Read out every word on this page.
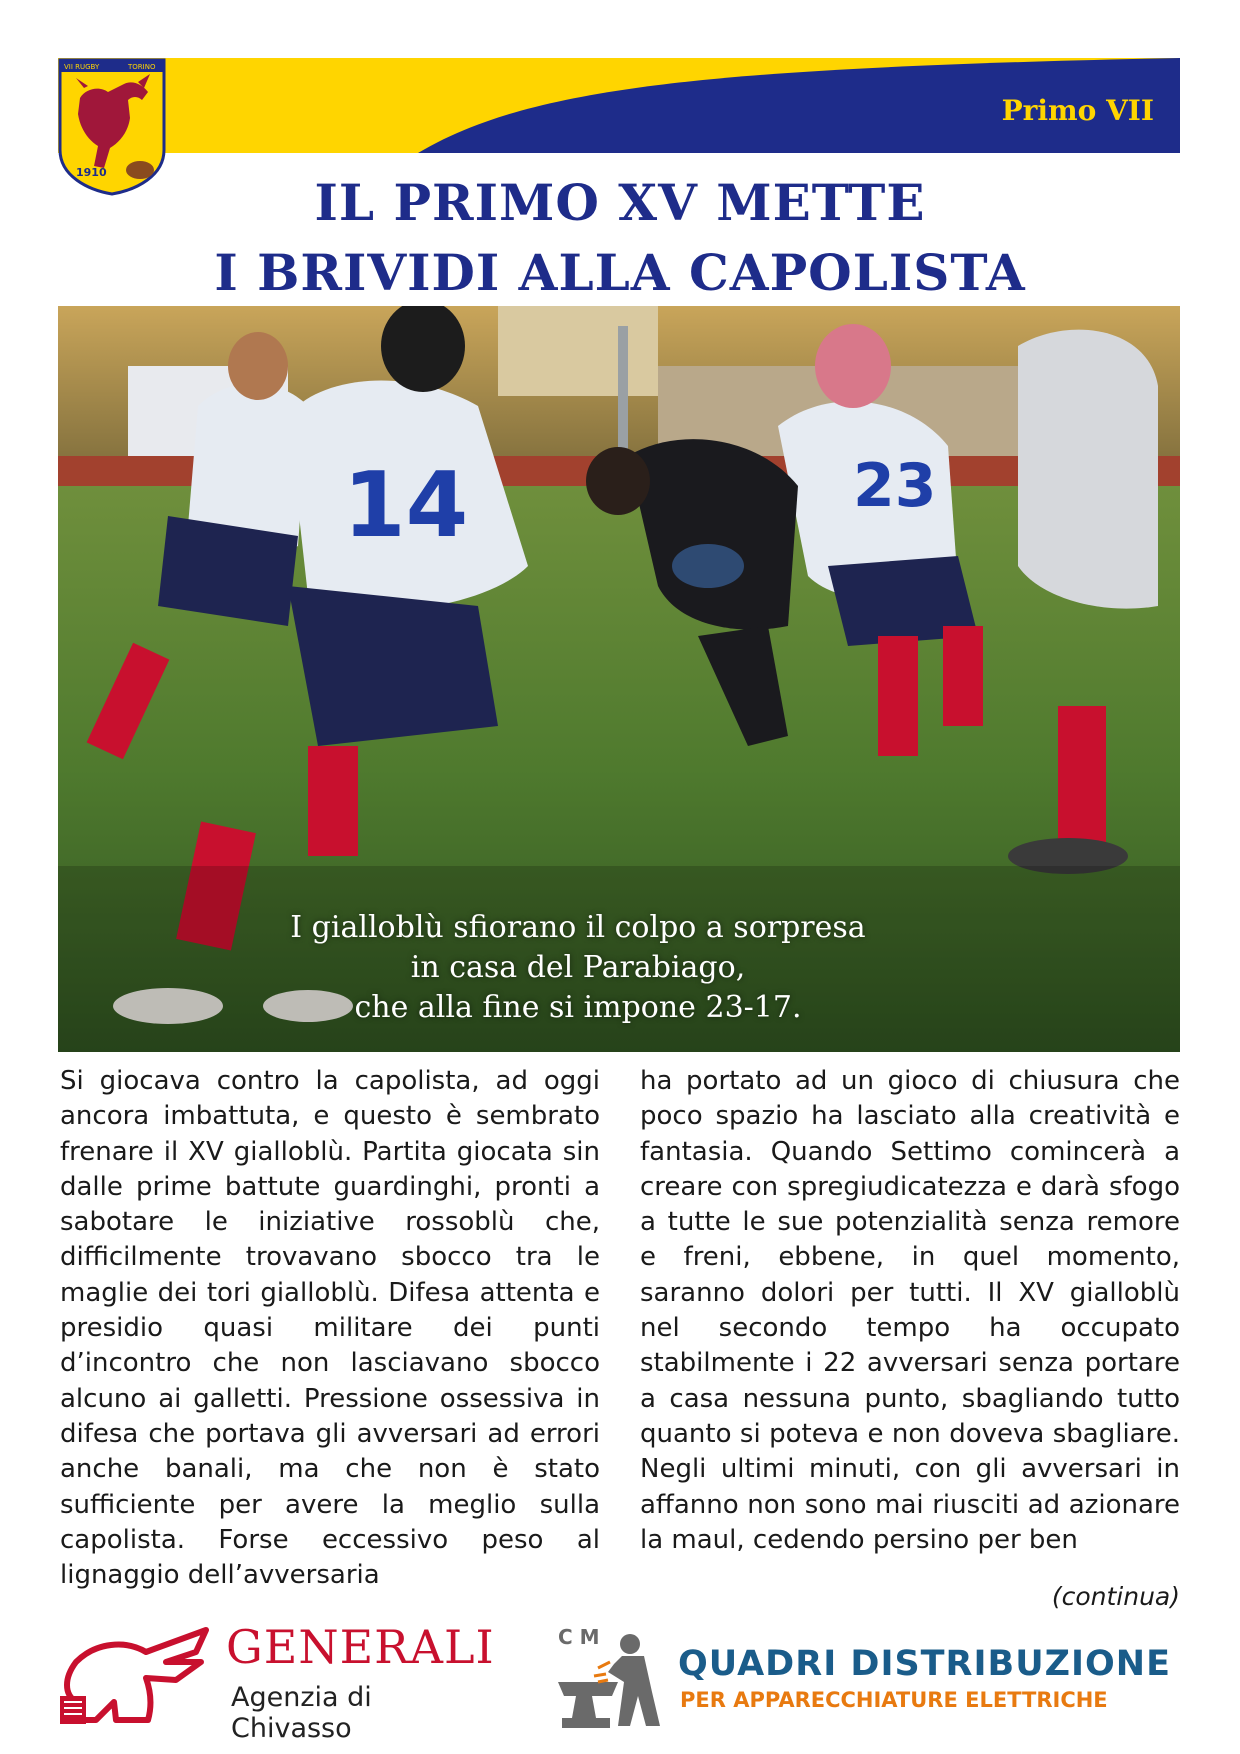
Primo VII
VII RUGBY	TORINO
1910
IL PRIMO XV METTE
I BRIVIDI ALLA CAPOLISTA
14	23
I gialloblù sfiorano il colpo a sorpresa
in casa del Parabiago,
che alla fine si impone 23-17.
Si giocava contro la capolista, ad oggi ancora imbattuta, e questo è sembrato frenare il XV gialloblù. Partita giocata sin dalle prime battute guardinghi, pronti a sabotare le iniziative rossoblù che, difficilmente trovavano sbocco tra le maglie dei tori gialloblù. Difesa attenta e presidio quasi militare dei punti d’incontro che non lasciavano sbocco alcuno ai galletti. Pressione ossessiva in difesa che portava gli avversari ad errori anche banali, ma che non è stato sufficiente per avere la meglio sulla capolista. Forse eccessivo peso al lignaggio dell’avversaria
ha portato ad un gioco di chiusura che poco spazio ha lasciato alla creatività e fantasia. Quando Settimo comincerà a creare con spregiudicatezza e darà sfogo a tutte le sue potenzialità senza remore e freni, ebbene, in quel momento, saranno dolori per tutti. Il XV gialloblù nel secondo tempo ha occupato stabilmente i 22 avversari senza portare a casa nessuna punto, sbagliando tutto quanto si poteva e non doveva sbagliare. Negli ultimi minuti, con gli avversari in affanno non sono mai riusciti ad azionare la maul, cedendo persino per ben
(continua)
GENERALI
Agenzia di Chivasso
C M
QUADRI DISTRIBUZIONE
PER APPARECCHIATURE ELETTRICHE
